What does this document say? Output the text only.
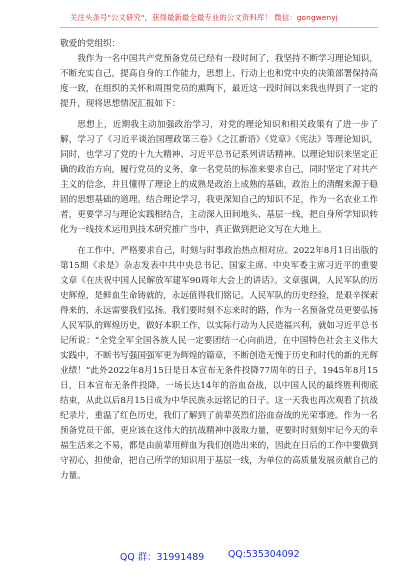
关注头条号"公文研究"，获得最新最全最专业的公文资料库！ 微信：gongwenyj

敬爱的党组织：

我作为一名中国共产党预备党员已经有一段时间了，我坚持不断学习理论知识，不断充实自己，提高自身的工作能力，思想上、行动上也和党中央的决策部署保持高度一致，在组织的关怀和周围党员的熏陶下，最近这一段时间以来我也得到了一定的提升，现将思想情况汇报如下：

思想上，近期我主动加强政治学习，对党的理论知识和相关政策有了进一步了解，学习了《习近平谈治国理政第三卷》《之江新语》《党章》《宪法》等理论知识，同时，也学习了党的十九大精神、习近平总书记系列讲话精神。以理论知识来坚定正确的政治方向，履行党员的义务，拿一名党员的标准来要求自己，同时坚定了对共产主义的信念，并且懂得了理论上的成熟是政治上成熟的基础，政治上的清醒来源于稳固的思想基础的道理。结合理论学习，我更深知自己的知识不足，作为一名农业工作者，更要学习与理论实践相结合，主动深入田间地头、基层一线，把自身所学知识转化为一线技术运用到技术研究推广当中，真正做到把论文写在大地上。

在工作中，严格要求自己，时刻与时事政治热点相对应。2022年8月1日出版的第15期《求是》杂志发表中共中央总书记、国家主席、中央军委主席习近平的重要文章《在庆祝中国人民解放军建军90周年大会上的讲话》。文章强调，人民军队的历史辉煌，是鲜血生命铸就的，永远值得我们铭记。人民军队的历史经验，是艰辛探索得来的，永远需要我们弘扬。我们要时刻不忘来时的路，作为一名预备党员更要弘扬人民军队的辉煌历史，做好本职工作，以实际行动为人民造福兴利，就如习近平总书记所说：“全党全军全国各族人民一定要团结一心向前进，在中国特色社会主义伟大实践中，不断书写强国强军更为辉煌的篇章，不断创造无愧于历史和时代的新的光辉业绩！”此外2022年8月15日是日本宣布无条件投降77周年的日子，1945年8月15日，日本宣布无条件投降，一场长达14年的浴血奋战，以中国人民的最终胜利彻底结束，从此以后8月15日成为中华民族永远铭记的日子。这一天我也再次观看了抗战纪录片，重温了红色历史，我们了解到了前辈英烈们浴血奋战的光荣事迹。作为一名预备党员干部，更应该在这伟大的抗战精神中汲取力量，更要时时刻刻牢记今天的幸福生活来之不易，都是由前辈用鲜血为我们创造出来的，因此在日后的工作中要做到守初心，担使命，把自己所学的知识用于基层一线，为单位的高质量发展贡献自己的力量。

QQ 群：31991489	QQ:535304092
